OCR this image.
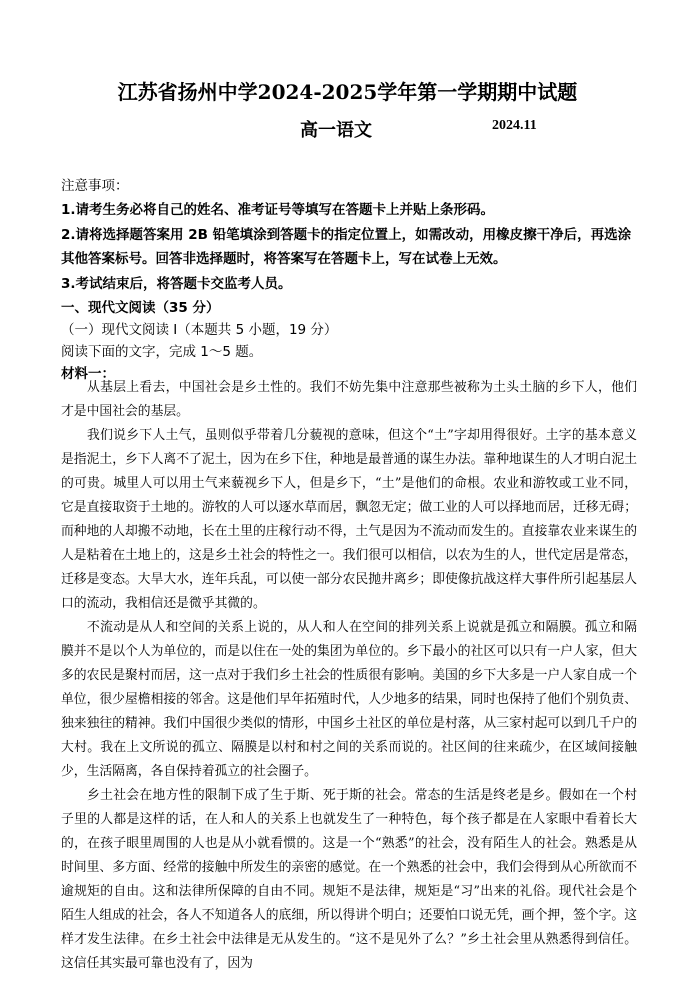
江苏省扬州中学2024-2025学年第一学期期中试题
高一语文	2024.11
注意事项：
1.请考生务必将自己的姓名、准考证号等填写在答题卡上并贴上条形码。
2.请将选择题答案用 2B 铅笔填涂到答题卡的指定位置上，如需改动，用橡皮擦干净后，再选涂
其他答案标号。回答非选择题时，将答案写在答题卡上，写在试卷上无效。
3.考试结束后，将答题卡交监考人员。
一、现代文阅读（35 分）
（一）现代文阅读 I（本题共 5 小题，19 分）
阅读下面的文字，完成 1～5 题。
材料一：

从基层上看去，中国社会是乡土性的。我们不妨先集中注意那些被称为土头土脑的乡下人，他们才是中国社会的基层。

我们说乡下人土气，虽则似乎带着几分藐视的意味，但这个“土”字却用得很好。土字的基本意义是指泥土，乡下人离不了泥土，因为在乡下住，种地是最普通的谋生办法。靠种地谋生的人才明白泥土的可贵。城里人可以用土气来藐视乡下人，但是乡下，“土”是他们的命根。农业和游牧或工业不同，它是直接取资于土地的。游牧的人可以逐水草而居，飘忽无定；做工业的人可以择地而居，迁移无碍；而种地的人却搬不动地，长在土里的庄稼行动不得，土气是因为不流动而发生的。直接靠农业来谋生的人是粘着在土地上的，这是乡土社会的特性之一。我们很可以相信，以农为生的人，世代定居是常态，迁移是变态。大旱大水，连年兵乱，可以使一部分农民抛井离乡；即使像抗战这样大事件所引起基层人口的流动，我相信还是微乎其微的。

不流动是从人和空间的关系上说的，从人和人在空间的排列关系上说就是孤立和隔膜。孤立和隔膜并不是以个人为单位的，而是以住在一处的集团为单位的。乡下最小的社区可以只有一户人家，但大多的农民是聚村而居，这一点对于我们乡土社会的性质很有影响。美国的乡下大多是一户人家自成一个单位，很少屋檐相接的邻舍。这是他们早年拓殖时代，人少地多的结果，同时也保持了他们个别负责、独来独往的精神。我们中国很少类似的情形，中国乡土社区的单位是村落，从三家村起可以到几千户的大村。我在上文所说的孤立、隔膜是以村和村之间的关系而说的。社区间的往来疏少，在区域间接触少，生活隔离，各自保持着孤立的社会圈子。

乡土社会在地方性的限制下成了生于斯、死于斯的社会。常态的生活是终老是乡。假如在一个村子里的人都是这样的话，在人和人的关系上也就发生了一种特色，每个孩子都是在人家眼中看着长大的，在孩子眼里周围的人也是从小就看惯的。这是一个“熟悉”的社会，没有陌生人的社会。熟悉是从时间里、多方面、经常的接触中所发生的亲密的感觉。在一个熟悉的社会中，我们会得到从心所欲而不逾规矩的自由。这和法律所保障的自由不同。规矩不是法律，规矩是“习”出来的礼俗。现代社会是个陌生人组成的社会，各人不知道各人的底细，所以得讲个明白；还要怕口说无凭，画个押，签个字。这样才发生法律。在乡土社会中法律是无从发生的。“这不是见外了么？”乡土社会里从熟悉得到信任。这信任其实最可靠也没有了，因为
